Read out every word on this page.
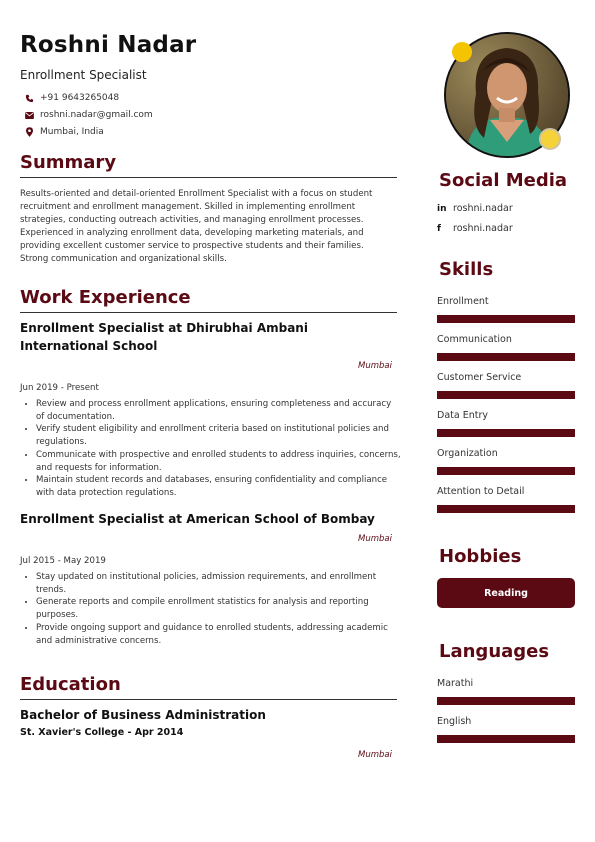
Roshni Nadar
Enrollment Specialist
+91 9643265048
roshni.nadar@gmail.com
Mumbai, India
Summary
Results-oriented and detail-oriented Enrollment Specialist with a focus on student recruitment and enrollment management. Skilled in implementing enrollment strategies, conducting outreach activities, and managing enrollment processes. Experienced in analyzing enrollment data, developing marketing materials, and providing excellent customer service to prospective students and their families. Strong communication and organizational skills.
Work Experience
Enrollment Specialist at Dhirubhai Ambani International School
Mumbai
Jun 2019 - Present
• Review and process enrollment applications, ensuring completeness and accuracy of documentation.
• Verify student eligibility and enrollment criteria based on institutional policies and regulations.
• Communicate with prospective and enrolled students to address inquiries, concerns, and requests for information.
• Maintain student records and databases, ensuring confidentiality and compliance with data protection regulations.
Enrollment Specialist at American School of Bombay
Mumbai
Jul 2015 - May 2019
• Stay updated on institutional policies, admission requirements, and enrollment trends.
• Generate reports and compile enrollment statistics for analysis and reporting purposes.
• Provide ongoing support and guidance to enrolled students, addressing academic and administrative concerns.
Education
Bachelor of Business Administration
St. Xavier's College - Apr 2014
Mumbai
Social Media
in roshni.nadar
f	roshni.nadar
Skills
Enrollment
Communication
Customer Service
Data Entry
Organization
Attention to Detail
Hobbies
Reading
Languages
Marathi
English
